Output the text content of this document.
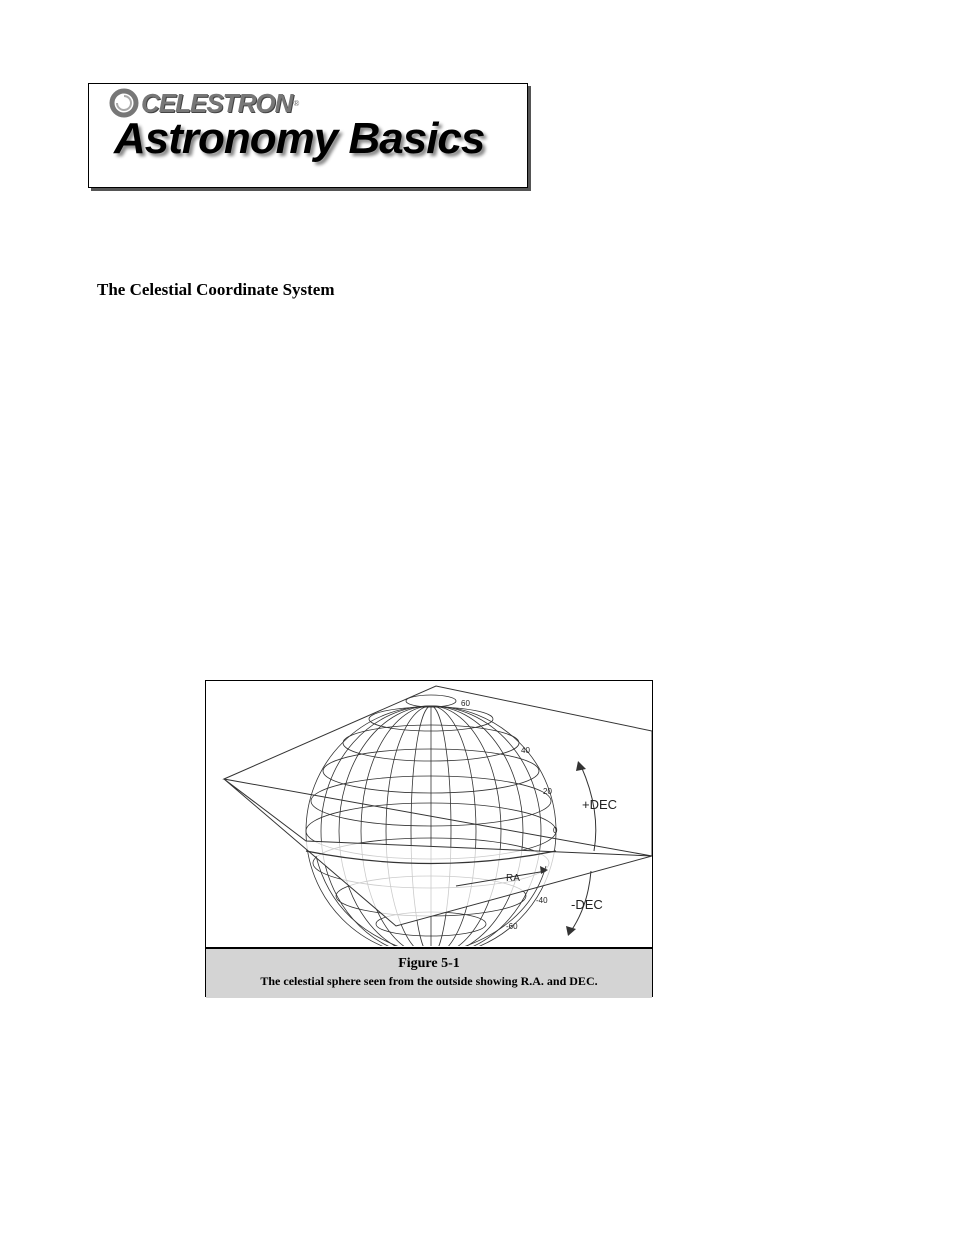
CELESTRON ®
Astronomy Basics
The Celestial Coordinate System
+DEC
-DEC
RA
60
40
20
0
-40
-60
Figure 5-1
The celestial sphere seen from the outside showing R.A. and DEC.
